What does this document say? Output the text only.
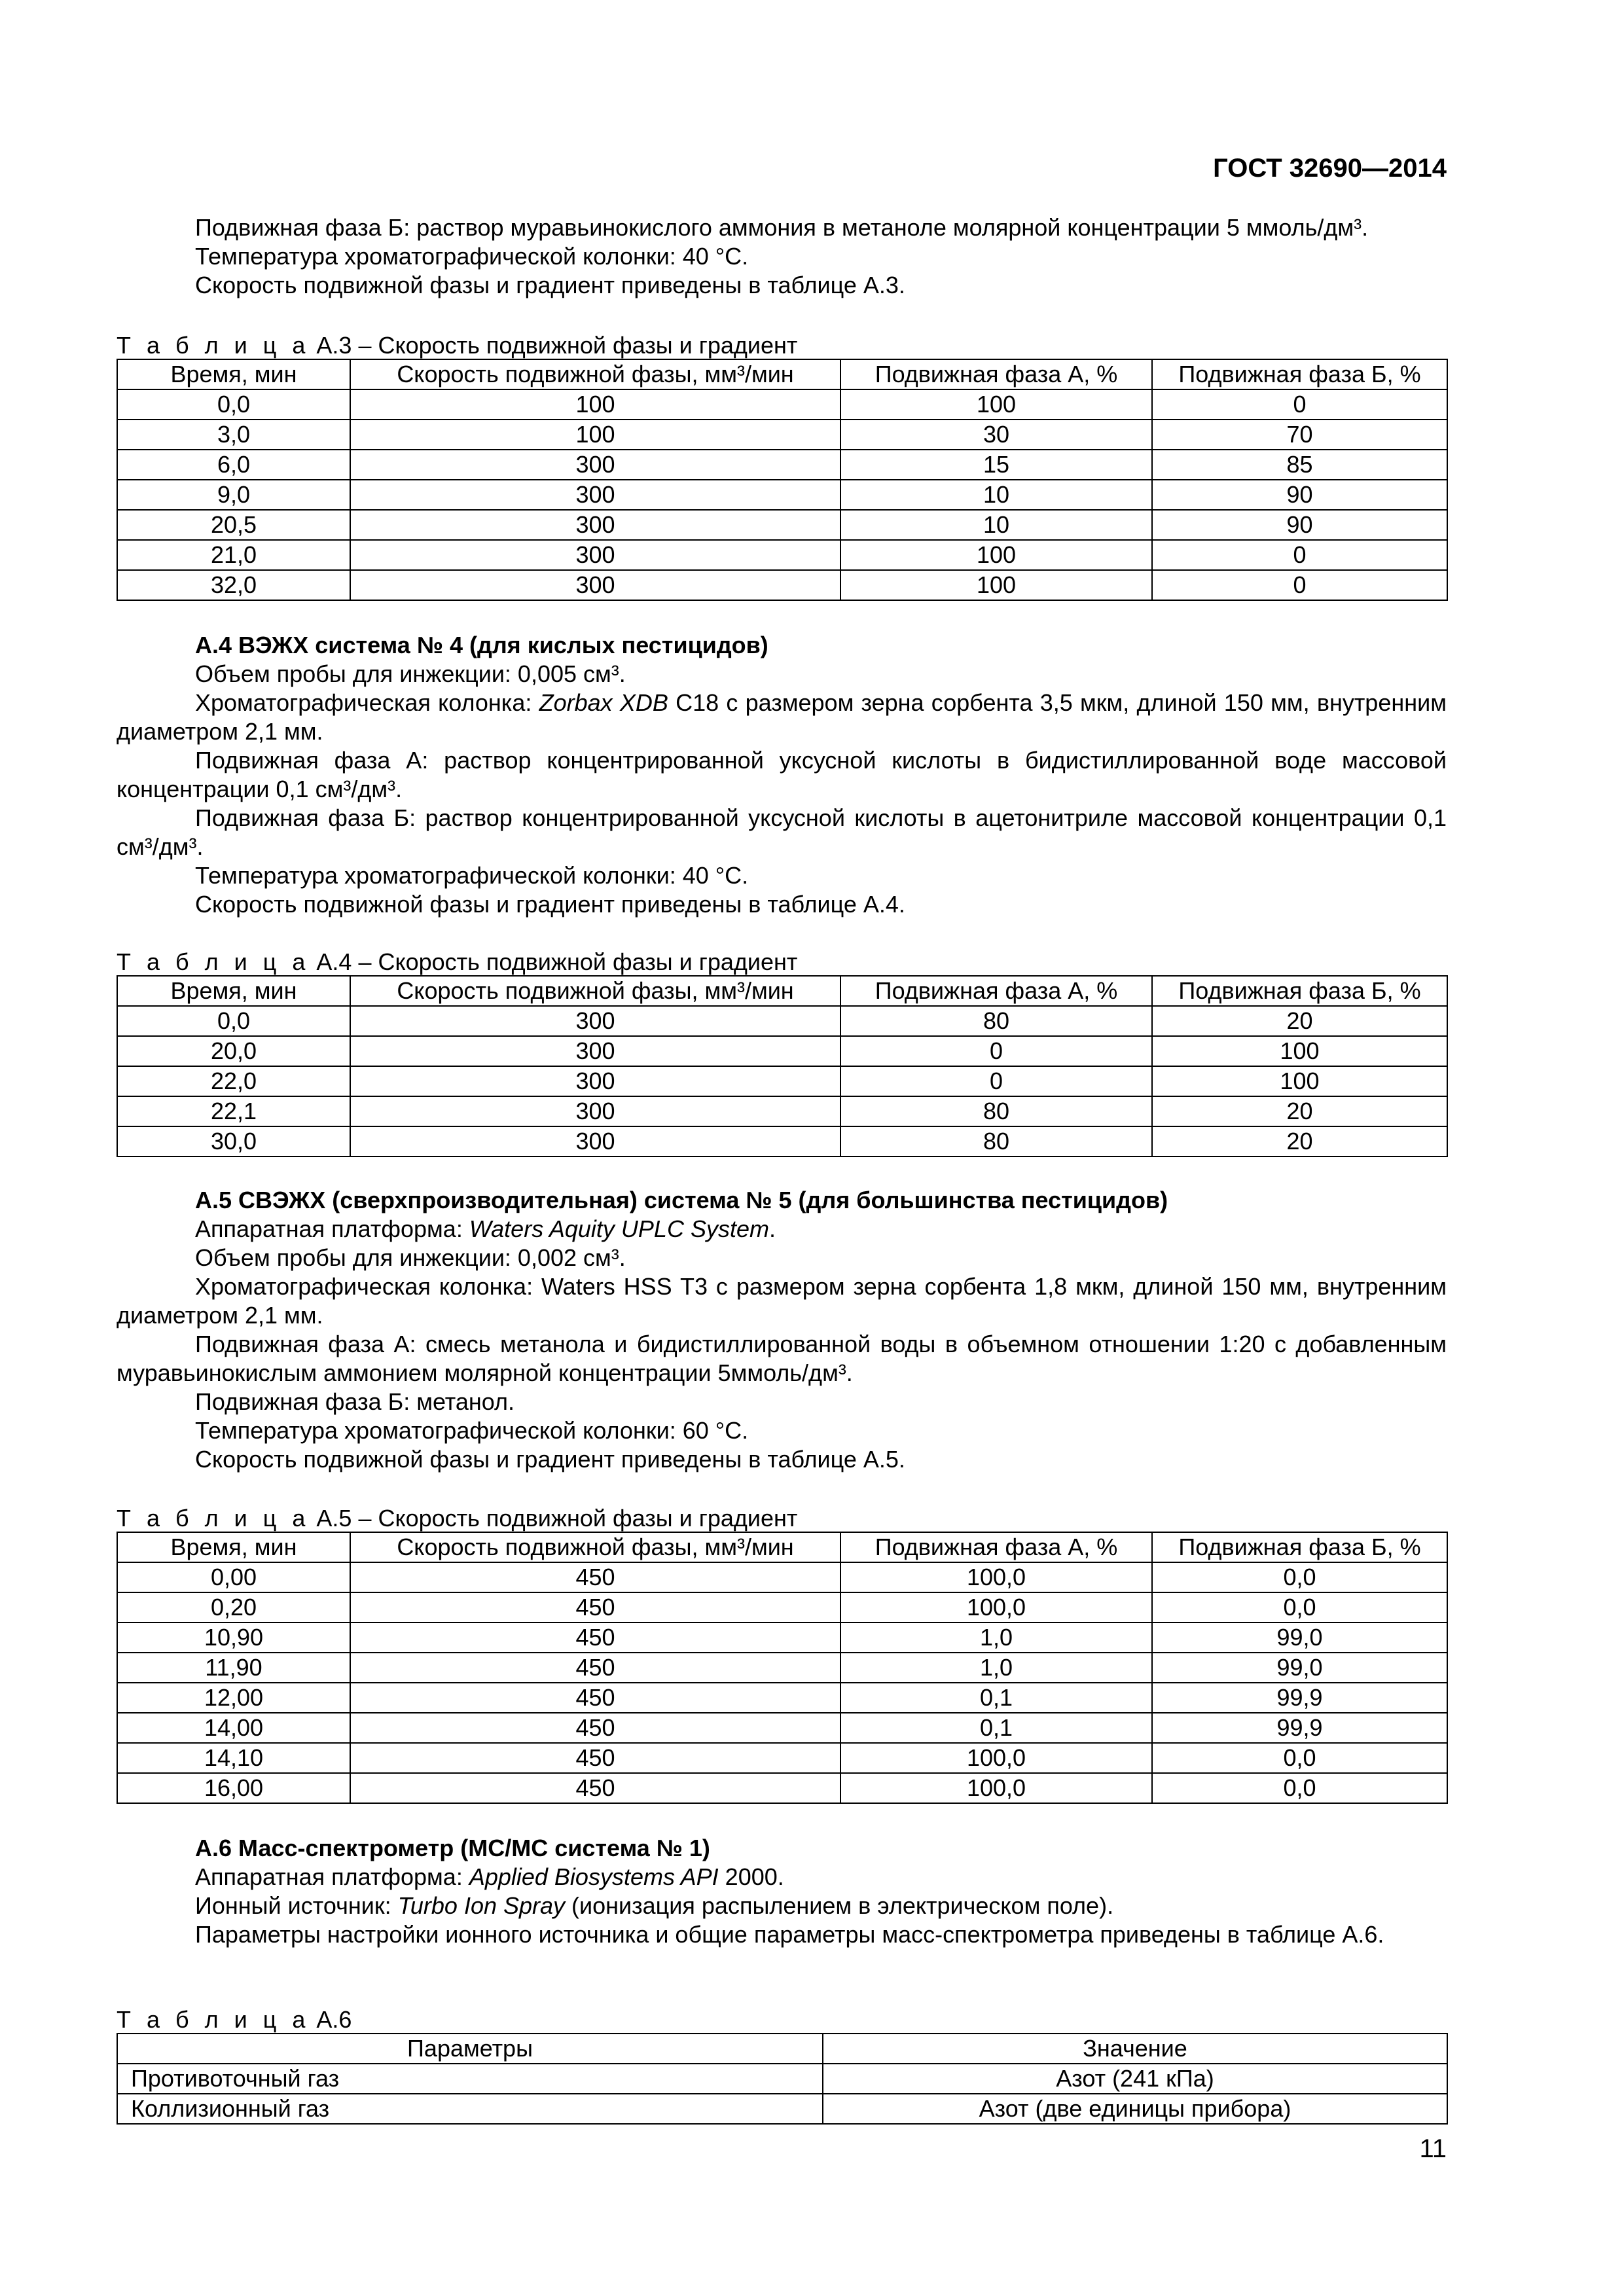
ГОСТ 32690—2014

Подвижная фаза Б: раствор муравьинокислого аммония в метаноле молярной концентрации 5 ммоль/дм³.

Температура хроматографической колонки: 40 °С.

Скорость подвижной фазы и градиент приведены в таблице А.3.

Т а б л и ц а А.3 – Скорость подвижной фазы и градиент
Время, мин	Скорость подвижной фазы, мм³/мин	Подвижная фаза А, %	Подвижная фаза Б, %
0,0	100	100	0
3,0	100	30	70
6,0	300	15	85
9,0	300	10	90
20,5	300	10	90
21,0	300	100	0
32,0	300	100	0

А.4 ВЭЖХ система № 4 (для кислых пестицидов)

Объем пробы для инжекции: 0,005 см³.

Хроматографическая колонка: Zorbax XDB С18 с размером зерна сорбента 3,5 мкм, длиной 150 мм, внутренним диаметром 2,1 мм.

Подвижная фаза А: раствор концентрированной уксусной кислоты в бидистиллированной воде массовой концентрации 0,1 см³/дм³.

Подвижная фаза Б: раствор концентрированной уксусной кислоты в ацетонитриле массовой концентрации 0,1 см³/дм³.

Температура хроматографической колонки: 40 °С.

Скорость подвижной фазы и градиент приведены в таблице А.4.

Т а б л и ц а А.4 – Скорость подвижной фазы и градиент
Время, мин	Скорость подвижной фазы, мм³/мин	Подвижная фаза А, %	Подвижная фаза Б, %
0,0	300	80	20
20,0	300	0	100
22,0	300	0	100
22,1	300	80	20
30,0	300	80	20

А.5 СВЭЖХ (сверхпроизводительная) система № 5 (для большинства пестицидов)

Аппаратная платформа: Waters Aquity UPLC System.

Объем пробы для инжекции: 0,002 см³.

Хроматографическая колонка: Waters HSS T3 с размером зерна сорбента 1,8 мкм, длиной 150 мм, внутренним диаметром 2,1 мм.

Подвижная фаза А: смесь метанола и бидистиллированной воды в объемном отношении 1:20 с добавленным муравьинокислым аммонием молярной концентрации 5ммоль/дм³.

Подвижная фаза Б: метанол.

Температура хроматографической колонки: 60 °С.

Скорость подвижной фазы и градиент приведены в таблице А.5.

Т а б л и ц а А.5 – Скорость подвижной фазы и градиент
Время, мин	Скорость подвижной фазы, мм³/мин	Подвижная фаза А, %	Подвижная фаза Б, %
0,00	450	100,0	0,0
0,20	450	100,0	0,0
10,90	450	1,0	99,0
11,90	450	1,0	99,0
12,00	450	0,1	99,9
14,00	450	0,1	99,9
14,10	450	100,0	0,0
16,00	450	100,0	0,0

А.6 Масс-спектрометр (МС/МС система № 1)

Аппаратная платформа: Applied Biosystems API 2000.

Ионный источник: Turbo Ion Spray (ионизация распылением в электрическом поле).

Параметры настройки ионного источника и общие параметры масс-спектрометра приведены в таблице А.6.

Т а б л и ц а А.6
Параметры	Значение
Противоточный газ	Азот (241 кПа)
Коллизионный газ	Азот (две единицы прибора)
11
